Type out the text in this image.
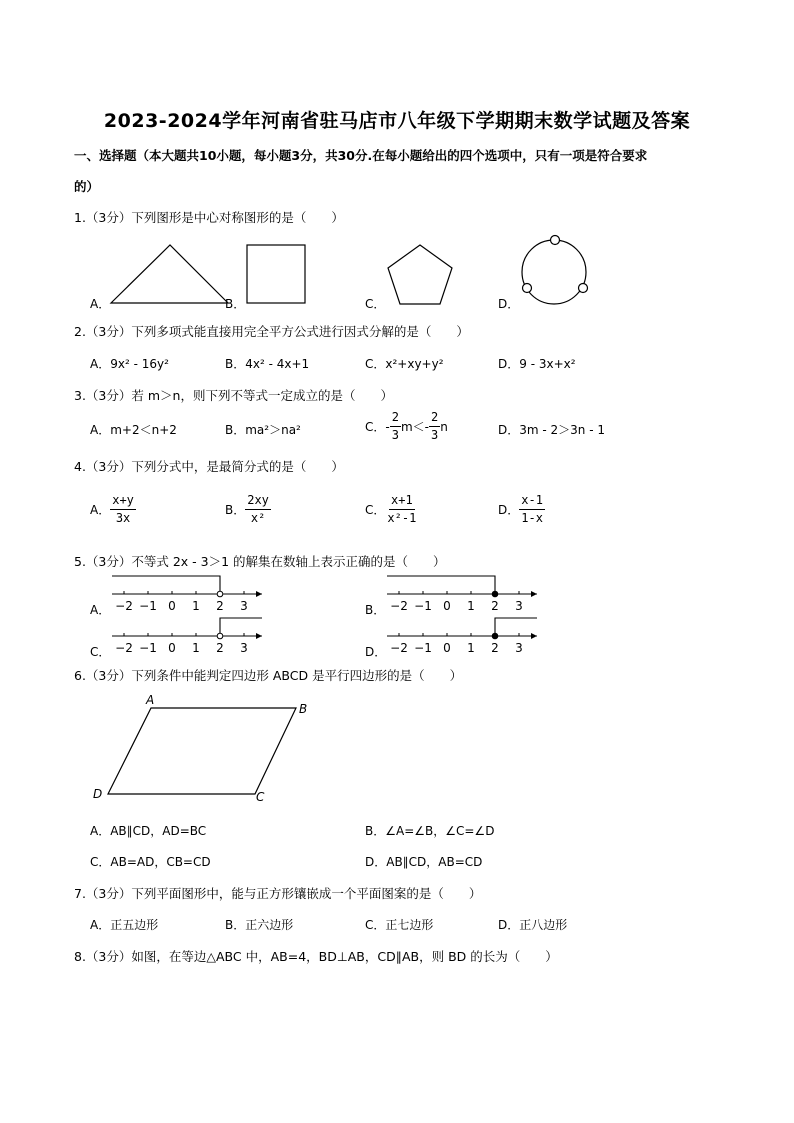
2023-2024学年河南省驻马店市八年级下学期期末数学试题及答案
一、选择题（本大题共10小题，每小题3分，共30分.在每小题给出的四个选项中，只有一项是符合要求
的）
1.（3分）下列图形是中心对称图形的是（　　）
A．	B．	C．	D．
2.（3分）下列多项式能直接用完全平方公式进行因式分解的是（　　）
A．9x² - 16y²	B．4x² - 4x+1	C．x²+xy+y²	D．9 - 3x+x²
3.（3分）若 m＞n，则下列不等式一定成立的是（　　）
A．m+2＜n+2	B．ma²＞na²	C． - $\frac{2}{3} m< - \frac{2}{3}$ n	D．3m - 2＞3n - 1
4.（3分）下列分式中，是最简分式的是（　　）
A． $\frac{x+y}{3x}$	B． $\frac{2xy}{\text{x²}}$	C． $\frac{x+1}{\text{x²-1}}$	D． $\frac{x-1}{1-x}$
5.（3分）不等式 2x - 3＞1 的解集在数轴上表示正确的是（　　）
A．	B．
C．	D．
−2 −1 0 1 2 3	−2 −1 0 1 2 3
−2 −1 0 1 2 3	−2 −1 0 1 2 3
6.（3分）下列条件中能判定四边形 ABCD 是平行四边形的是（　　）
A
B
C
D
A．AB∥CD，AD=BC	B．∠A=∠B，∠C=∠D
C．AB=AD，CB=CD	D．AB∥CD，AB=CD
7.（3分）下列平面图形中，能与正方形镶嵌成一个平面图案的是（　　）
A．正五边形	B．正六边形	C．正七边形	D．正八边形
8.（3分）如图，在等边△ABC 中，AB=4，BD⊥AB，CD∥AB，则 BD 的长为（　　）
